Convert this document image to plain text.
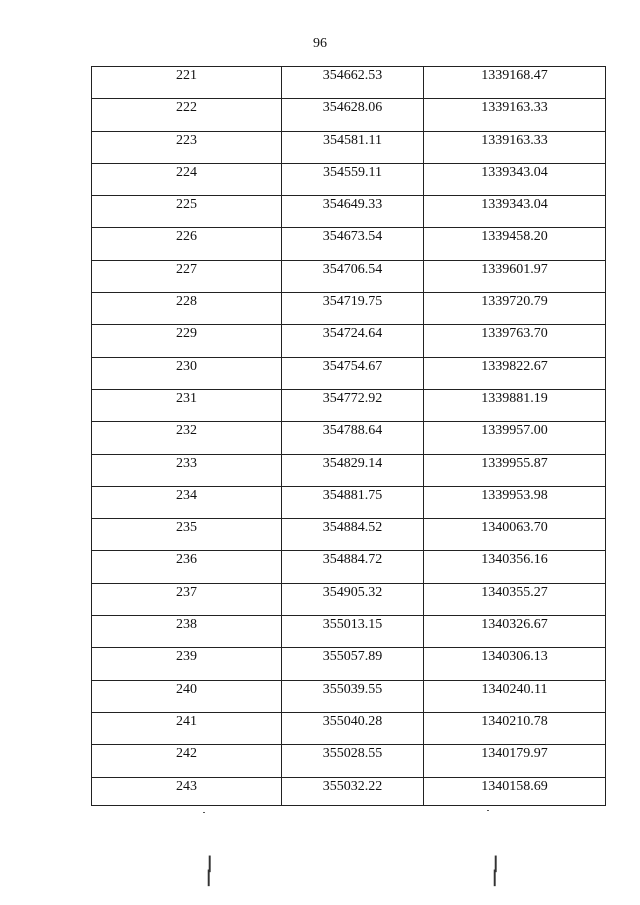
96
221	354662.53	1339168.47
222	354628.06	1339163.33
223	354581.11	1339163.33
224	354559.11	1339343.04
225	354649.33	1339343.04
226	354673.54	1339458.20
227	354706.54	1339601.97
228	354719.75	1339720.79
229	354724.64	1339763.70
230	354754.67	1339822.67
231	354772.92	1339881.19
232	354788.64	1339957.00
233	354829.14	1339955.87
234	354881.75	1339953.98
235	354884.52	1340063.70
236	354884.72	1340356.16
237	354905.32	1340355.27
238	355013.15	1340326.67
239	355057.89	1340306.13
240	355039.55	1340240.11
241	355040.28	1340210.78
242	355028.55	1340179.97
243	355032.22	1340158.69
❘
❘
❘
❘
